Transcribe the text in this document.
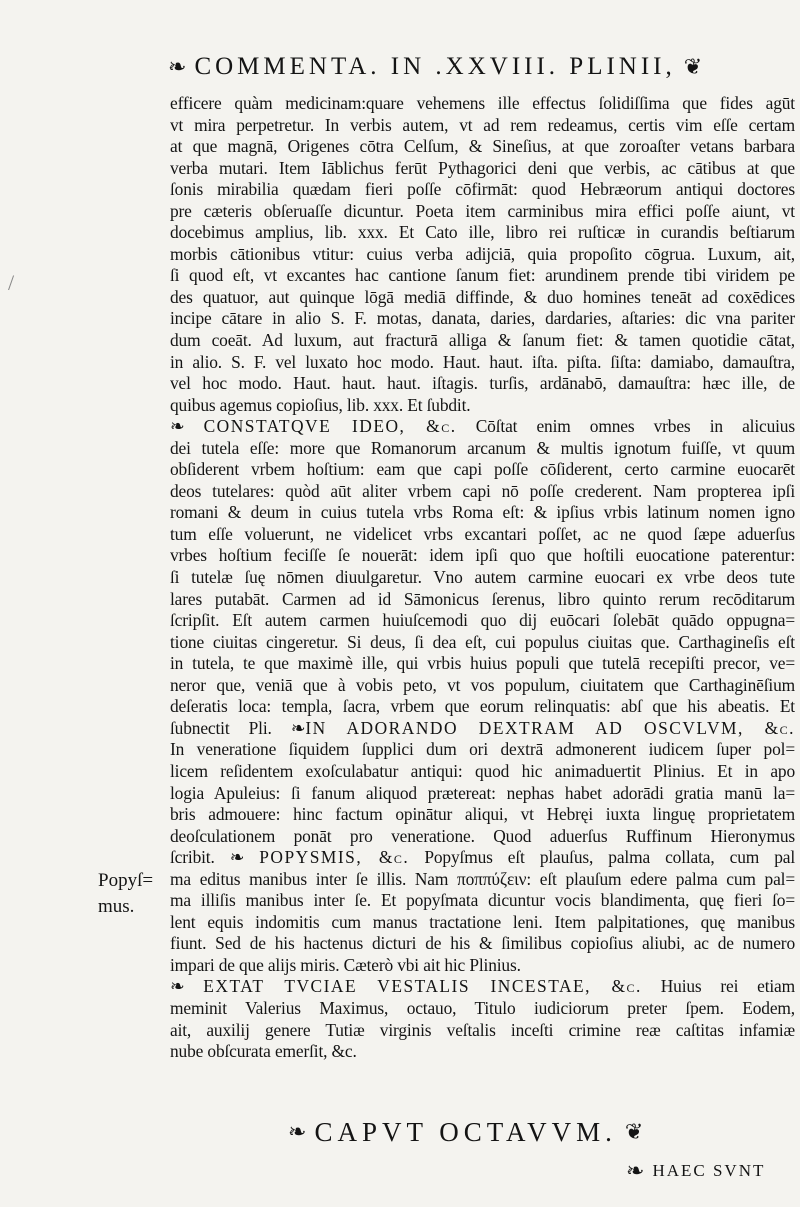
/
❧ COMMENTA. IN .XXVIII. PLINII, ❦
efficere quàm medicinam:quare vehemens ille effectus ſolidiſſima que fides agūt
vt mira perpetretur. In verbis autem, vt ad rem redeamus, certis vim eſſe certam
at que magnā, Origenes cōtra Celſum, & Sineſius, at que zoroaſter vetans barbara
verba mutari. Item Iāblichus ferūt Pythagorici deni que verbis, ac cātibus at que
ſonis mirabilia quædam fieri poſſe cōfirmāt: quod Hebræorum antiqui doctores
pre cæteris obſeruaſſe dicuntur. Poeta item carminibus mira effici poſſe aiunt, vt
docebimus amplius, lib. xxx. Et Cato ille, libro rei ruſticæ in curandis beſtiarum
morbis cātionibus vtitur: cuius verba adijciā, quia propoſito cōgrua. Luxum, ait,
ſi quod eſt, vt excantes hac cantione ſanum fiet: arundinem prende tibi viridem pe
des quatuor, aut quinque lōgā mediā diffinde, & duo homines teneāt ad coxēdices
incipe cātare in alio S. F. motas, danata, daries, dardaries, aſtaries: dic vna pariter
dum coeāt. Ad luxum, aut fracturā alliga & ſanum fiet: & tamen quotidie cātat,
in alio. S. F. vel luxato hoc modo. Haut. haut. iſta. piſta. ſiſta: damiabo, damauſtra,
vel hoc modo. Haut. haut. haut. iſtagis. turſis, ardānabō, damauſtra: hæc ille, de
quibus agemus copioſius, lib. xxx. Et ſubdit.
❧ CONSTATQVE IDEO, &c. Cōſtat enim omnes vrbes in alicuius
dei tutela eſſe: more que Romanorum arcanum & multis ignotum fuiſſe, vt quum
obſiderent vrbem hoſtium: eam que capi poſſe cōſiderent, certo carmine euocarēt
deos tutelares: quòd aūt aliter vrbem capi nō poſſe crederent. Nam propterea ipſi
romani & deum in cuius tutela vrbs Roma eſt: & ipſius vrbis latinum nomen igno
tum eſſe voluerunt, ne videlicet vrbs excantari poſſet, ac ne quod ſæpe aduerſus
vrbes hoſtium feciſſe ſe nouerāt: idem ipſi quo que hoſtili euocatione paterentur:
ſi tutelæ ſuę nōmen diuulgaretur. Vno autem carmine euocari ex vrbe deos tute
lares putabāt. Carmen ad id Sāmonicus ſerenus, libro quinto rerum recōditarum
ſcripſit. Eſt autem carmen huiuſcemodi quo dij euōcari ſolebāt quādo oppugna=
tione ciuitas cingeretur. Si deus, ſi dea eſt, cui populus ciuitas que. Carthagineſis eſt
in tutela, te que maximè ille, qui vrbis huius populi que tutelā recepiſti precor, ve=
neror que, veniā que à vobis peto, vt vos populum, ciuitatem que Carthaginēſium
deſeratis loca: templa, ſacra, vrbem que eorum relinquatis: abſ que his abeatis. Et
ſubnectit Pli. ❧IN ADORANDO DEXTRAM AD OSCVLVM, &c.
In veneratione ſiquidem ſupplici dum ori dextrā admonerent iudicem ſuper pol=
licem reſidentem exoſculabatur antiqui: quod hic animaduertit Plinius. Et in apo
logia Apuleius: ſi fanum aliquod prætereat: nephas habet adorādi gratia manū la=
bris admouere: hinc factum opinātur aliqui, vt Hebręi iuxta linguę proprietatem
deoſculationem ponāt pro veneratione. Quod aduerſus Ruffinum Hieronymus
ſcribit. ❧ POPYSMIS, &c. Popyſmus eſt plauſus, palma collata, cum pal
ma editus manibus inter ſe illis. Nam ποππύζειν: eſt plauſum edere palma cum pal=
ma illiſis manibus inter ſe. Et popyſmata dicuntur vocis blandimenta, quę fieri ſo=
lent equis indomitis cum manus tractatione leni. Item palpitationes, quę manibus
fiunt. Sed de his hactenus dicturi de his & ſimilibus copioſius aliubi, ac de numero
impari de que alijs miris. Cæterò vbi ait hic Plinius.
❧ EXTAT TVCIAE VESTALIS INCESTAE, &c. Huius rei etiam
meminit Valerius Maximus, octauo, Titulo iudiciorum preter ſpem. Eodem,
ait, auxilij genere Tutiæ virginis veſtalis inceſti crimine reæ caſtitas infamiæ
nube obſcurata emerſit, &c.
Popyſ=
mus.
❧ CAPVT OCTAVVM. ❦
❧ HAEC SVNT
